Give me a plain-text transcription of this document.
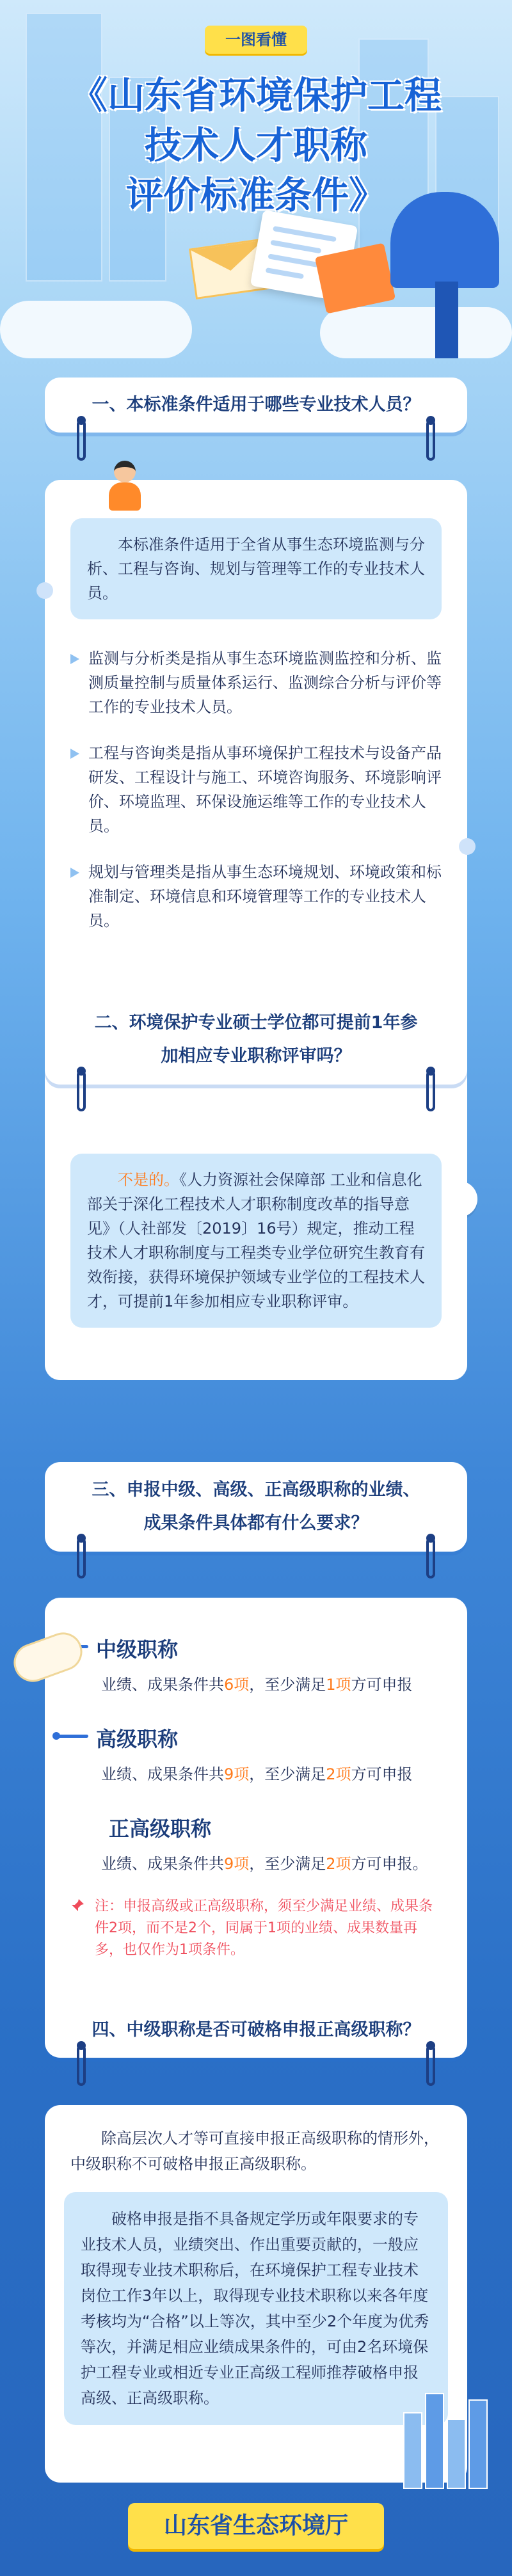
一图看懂
《山东省环境保护工程
技术人才职称
评价标准条件》
一、本标准条件适用于哪些专业技术人员？
本标准条件适用于全省从事生态环境监测与分析、工程与咨询、规划与管理等工作的专业技术人员。
监测与分析类是指从事生态环境监测监控和分析、监测质量控制与质量体系运行、监测综合分析与评价等工作的专业技术人员。
工程与咨询类是指从事环境保护工程技术与设备产品研发、工程设计与施工、环境咨询服务、环境影响评价、环境监理、环保设施运维等工作的专业技术人员。
规划与管理类是指从事生态环境规划、环境政策和标准制定、环境信息和环境管理等工作的专业技术人员。
二、环境保护专业硕士学位都可提前1年参
加相应专业职称评审吗？
不是的。《人力资源社会保障部 工业和信息化部关于深化工程技术人才职称制度改革的指导意见》（人社部发〔2019〕16号）规定，推动工程技术人才职称制度与工程类专业学位研究生教育有效衔接，获得环境保护领域专业学位的工程技术人才，可提前1年参加相应专业职称评审。
三、申报中级、高级、正高级职称的业绩、
成果条件具体都有什么要求？
中级职称
业绩、成果条件共6项，至少满足1项方可申报
高级职称
业绩、成果条件共9项，至少满足2项方可申报
正高级职称
业绩、成果条件共9项，至少满足2项方可申报。
注：申报高级或正高级职称，须至少满足业绩、成果条件2项，而不是2个，同属于1项的业绩、成果数量再多，也仅作为1项条件。
四、中级职称是否可破格申报正高级职称？
除高层次人才等可直接申报正高级职称的情形外，中级职称不可破格申报正高级职称。
破格申报是指不具备规定学历或年限要求的专业技术人员，业绩突出、作出重要贡献的，一般应取得现专业技术职称后，在环境保护工程专业技术岗位工作3年以上，取得现专业技术职称以来各年度考核均为“合格”以上等次，其中至少2个年度为优秀等次，并满足相应业绩成果条件的，可由2名环境保护工程专业或相近专业正高级工程师推荐破格申报高级、正高级职称。
山东省生态环境厅
